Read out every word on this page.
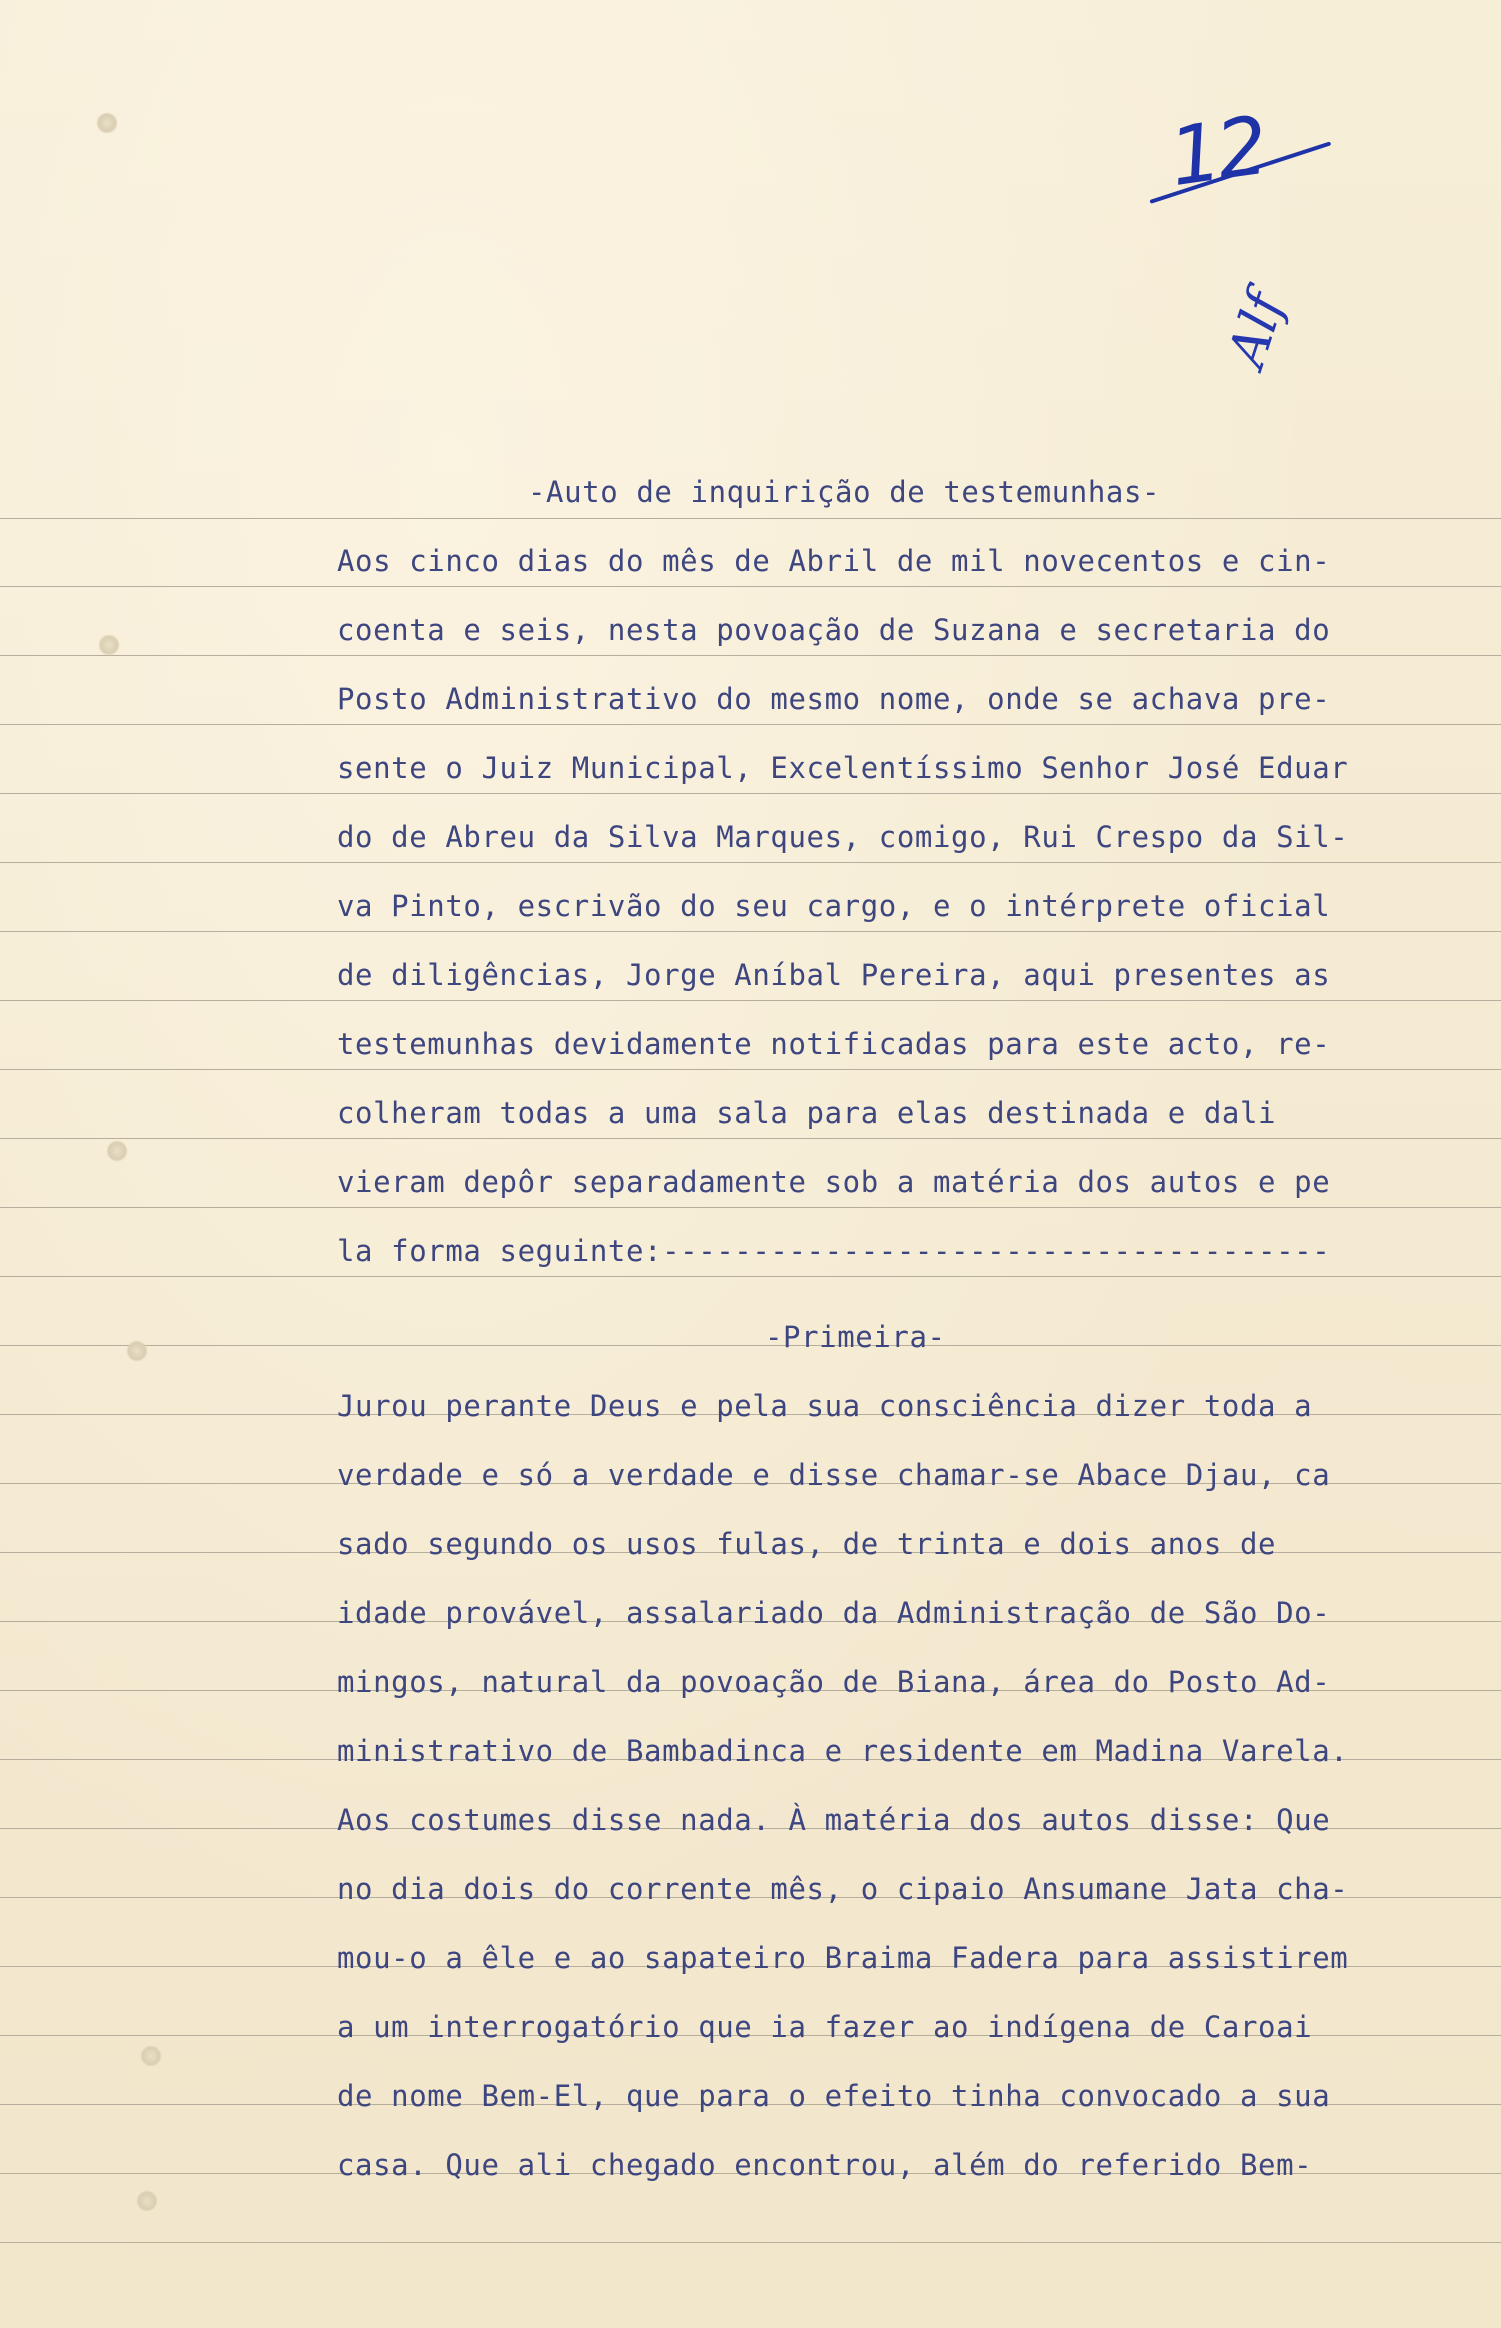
12
Alf
-Auto de inquirição de testemunhas-
Aos cinco dias do mês de Abril de mil novecentos e cin-
coenta e seis, nesta povoação de Suzana e secretaria do
Posto Administrativo do mesmo nome, onde se achava pre-
sente o Juiz Municipal, Excelentíssimo Senhor José Eduar
do de Abreu da Silva Marques, comigo, Rui Crespo da Sil-
va Pinto, escrivão do seu cargo, e o intérprete oficial
de diligências, Jorge Aníbal Pereira, aqui presentes as
testemunhas devidamente notificadas para este acto, re-
colheram todas a uma sala para elas destinada e dali
vieram depôr separadamente sob a matéria dos autos e pe
la forma seguinte:-------------------------------------
-Primeira-
Jurou perante Deus e pela sua consciência dizer toda a
verdade e só a verdade e disse chamar-se Abace Djau, ca
sado segundo os usos fulas, de trinta e dois anos de
idade provável, assalariado da Administração de São Do-
mingos, natural da povoação de Biana, área do Posto Ad-
ministrativo de Bambadinca e residente em Madina Varela.
Aos costumes disse nada. À matéria dos autos disse: Que
no dia dois do corrente mês, o cipaio Ansumane Jata cha-
mou-o a êle e ao sapateiro Braima Fadera para assistirem
a um interrogatório que ia fazer ao indígena de Caroai
de nome Bem-El, que para o efeito tinha convocado a sua
casa. Que ali chegado encontrou, além do referido Bem-
